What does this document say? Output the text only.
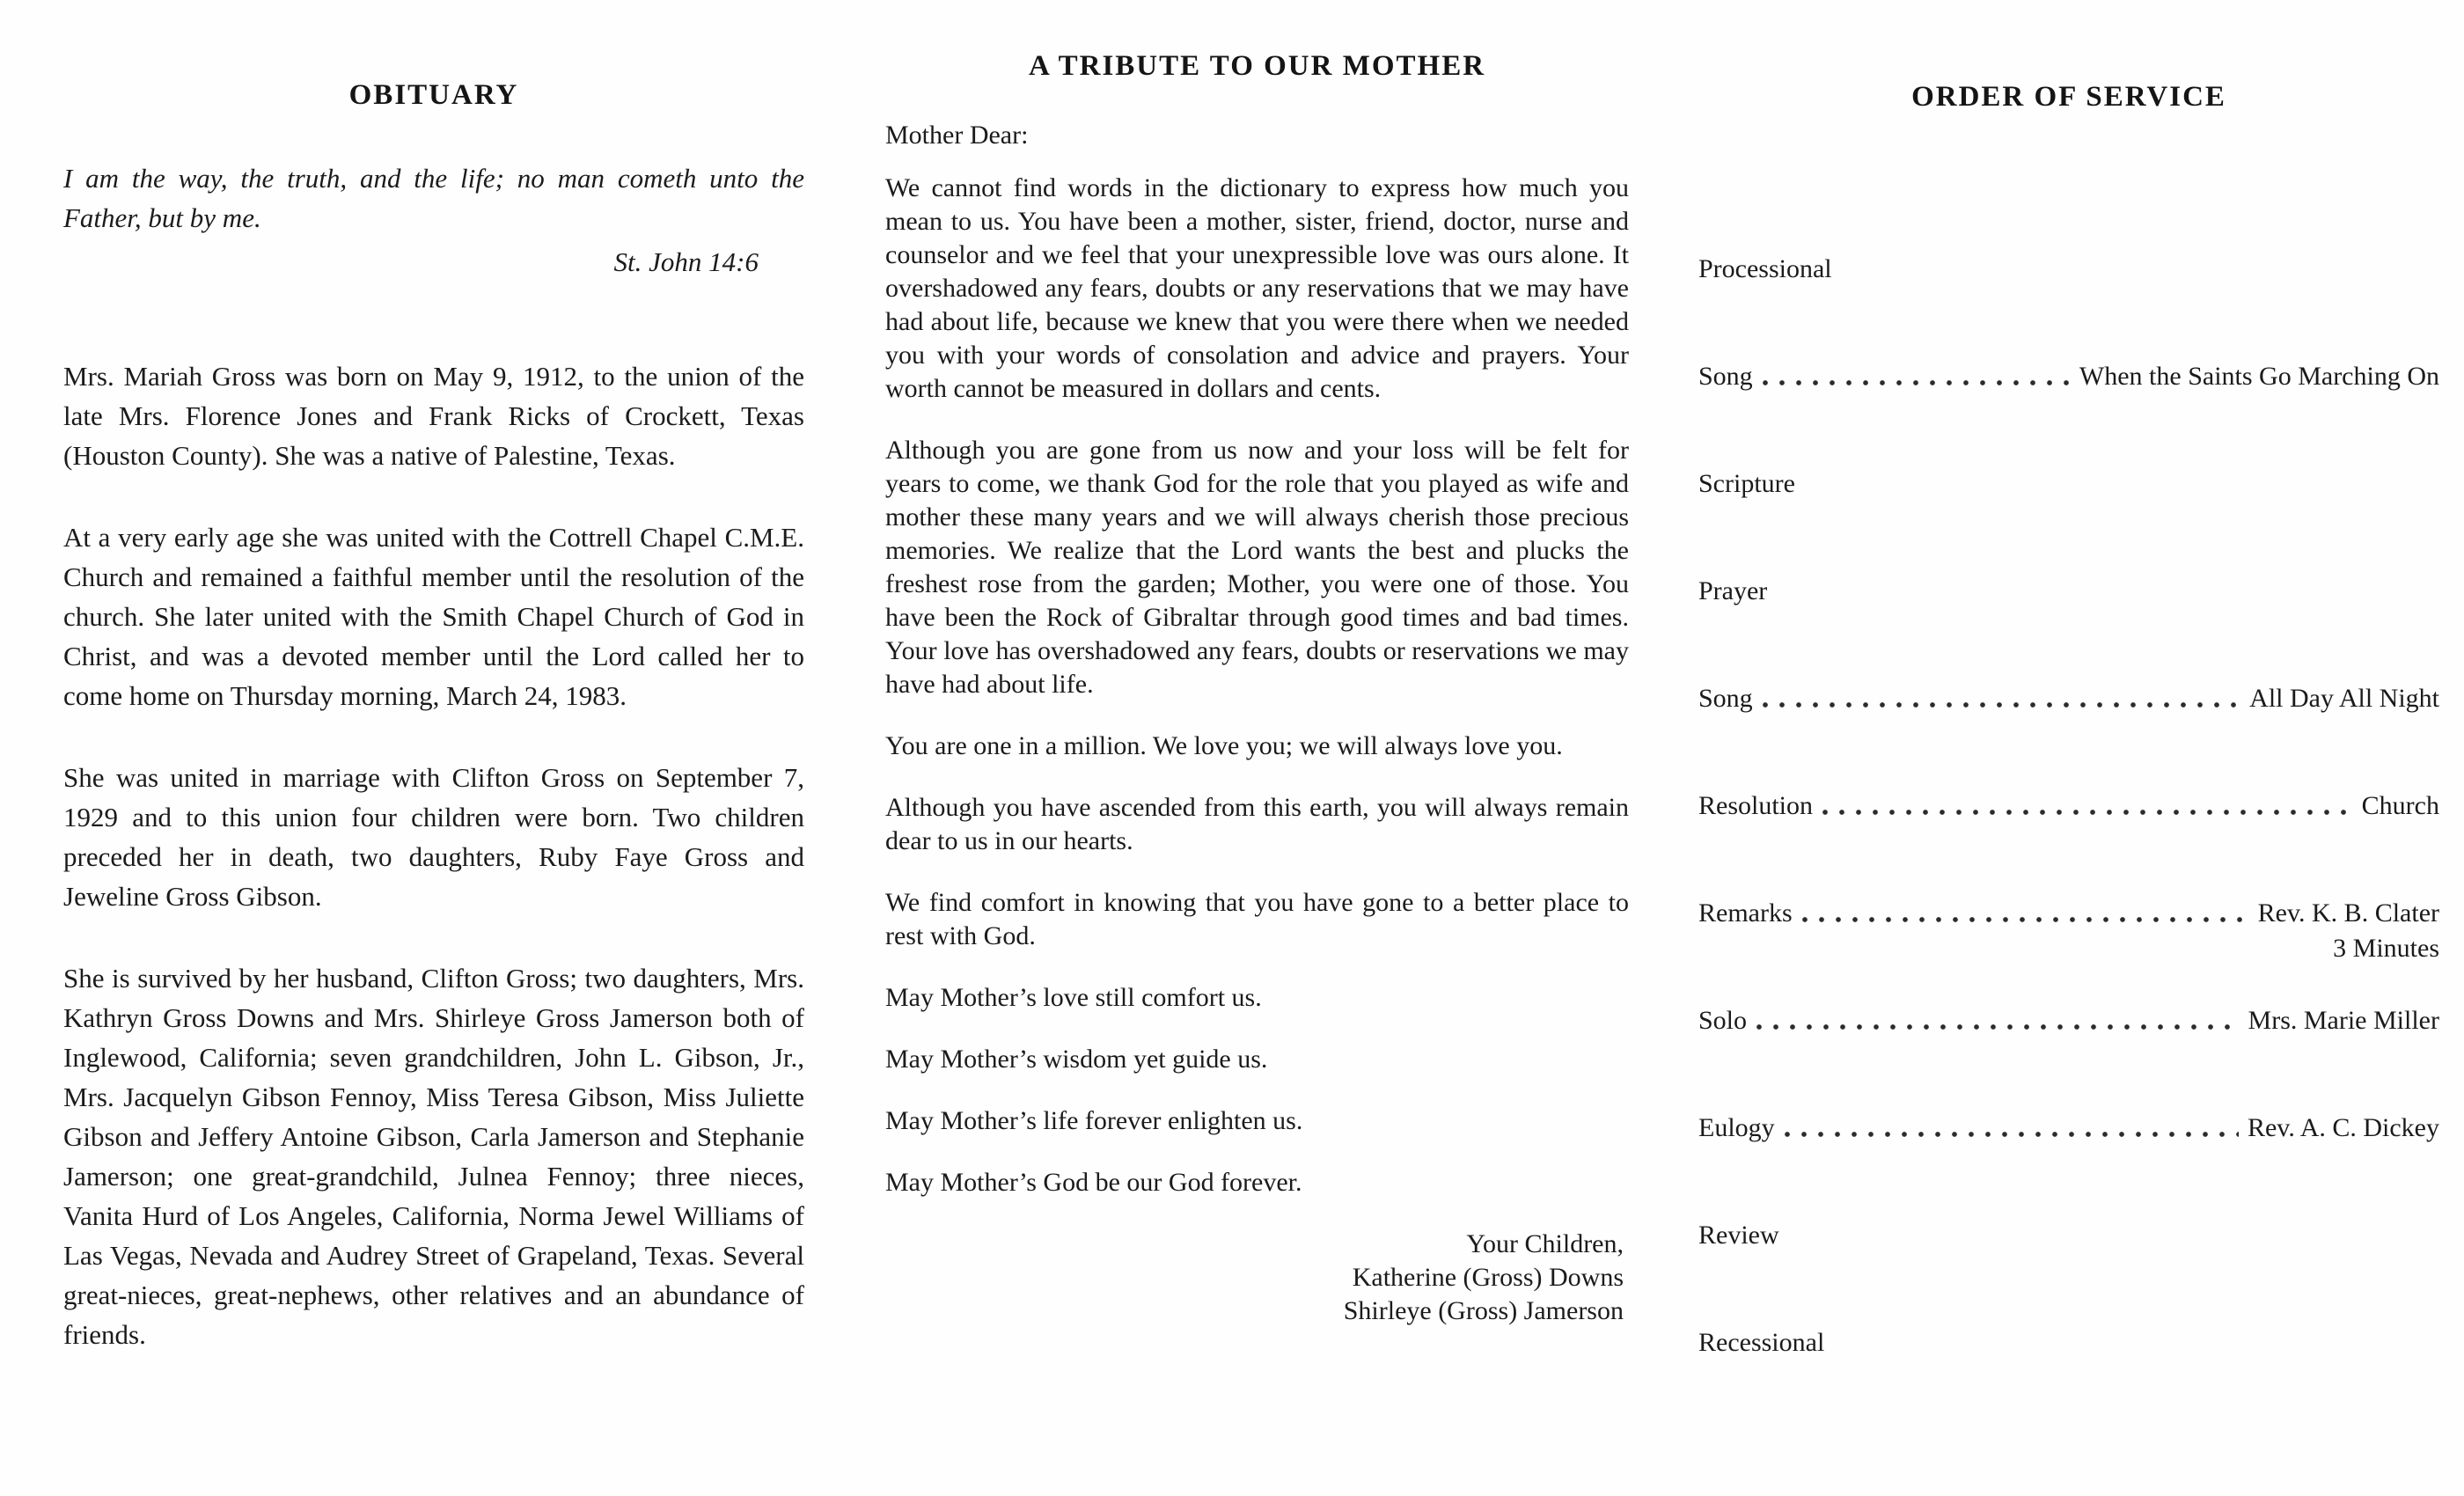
OBITUARY

I am the way, the truth, and the life; no man cometh unto the Father, but by me.

St. John 14:6

Mrs. Mariah Gross was born on May 9, 1912, to the union of the late Mrs. Florence Jones and Frank Ricks of Crockett, Texas (Houston County). She was a native of Palestine, Texas.

At a very early age she was united with the Cottrell Chapel C.M.E. Church and remained a faithful member until the resolution of the church. She later united with the Smith Chapel Church of God in Christ, and was a devoted member until the Lord called her to come home on Thursday morning, March 24, 1983.

She was united in marriage with Clifton Gross on September 7, 1929 and to this union four children were born. Two children preceded her in death, two daughters, Ruby Faye Gross and Jeweline Gross Gibson.

She is survived by her husband, Clifton Gross; two daughters, Mrs. Kathryn Gross Downs and Mrs. Shirleye Gross Jamerson both of Inglewood, California; seven grandchildren, John L. Gibson, Jr., Mrs. Jacquelyn Gibson Fennoy, Miss Teresa Gibson, Miss Juliette Gibson and Jeffery Antoine Gibson, Carla Jamerson and Stephanie Jamerson; one great-grandchild, Julnea Fennoy; three nieces, Vanita Hurd of Los Angeles, California, Norma Jewel Williams of Las Vegas, Nevada and Audrey Street of Grapeland, Texas. Several great-nieces, great-nephews, other relatives and an abundance of friends.

A TRIBUTE TO OUR MOTHER

Mother Dear:

We cannot find words in the dictionary to express how much you mean to us. You have been a mother, sister, friend, doctor, nurse and counselor and we feel that your unexpressible love was ours alone. It overshadowed any fears, doubts or any reservations that we may have had about life, because we knew that you were there when we needed you with your words of consolation and advice and prayers. Your worth cannot be measured in dollars and cents.

Although you are gone from us now and your loss will be felt for years to come, we thank God for the role that you played as wife and mother these many years and we will always cherish those precious memories. We realize that the Lord wants the best and plucks the freshest rose from the garden; Mother, you were one of those. You have been the Rock of Gibraltar through good times and bad times. Your love has overshadowed any fears, doubts or reservations we may have had about life.

You are one in a million. We love you; we will always love you.

Although you have ascended from this earth, you will always remain dear to us in our hearts.

We find comfort in knowing that you have gone to a better place to rest with God.

May Mother’s love still comfort us.

May Mother’s wisdom yet guide us.

May Mother’s life forever enlighten us.

May Mother’s God be our God forever.

Your Children,
Katherine (Gross) Downs
Shirleye (Gross) Jamerson
ORDER OF SERVICE
Processional
Song	When the Saints Go Marching On
Scripture
Prayer
Song	All Day All Night
Resolution	Church
Remarks	Rev. K. B. Clater
3 Minutes
Solo	Mrs. Marie Miller
Eulogy	Rev. A. C. Dickey
Review
Recessional
